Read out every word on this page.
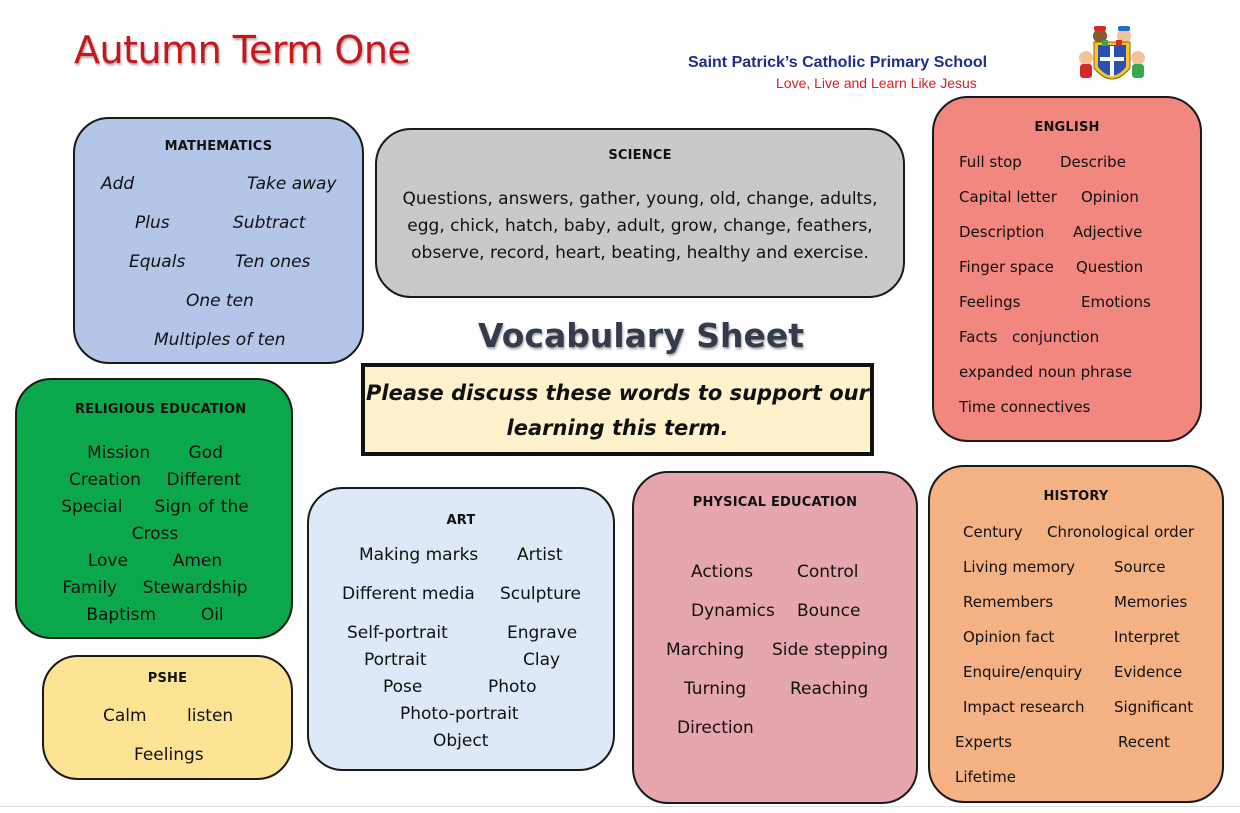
Autumn Term One	Saint Patrick’s Catholic Primary School
Love, Live and Learn Like Jesus
MATHEMATICS
Add	Take away
Plus	Subtract
Equals	Ten ones
One ten
Multiples of ten
SCIENCE
Questions, answers, gather, young, old, change, adults,
egg, chick, hatch, baby, adult, grow, change, feathers,
observe, record, heart, beating, healthy and exercise.
ENGLISH
Full stop	Describe
Capital letter Opinion
Description Adjective
Finger space Question
Feelings	Emotions
Facts conjunction
expanded noun phrase
Time connectives
RELIGIOUS EDUCATION
Mission      God
Creation    Different
Special     Sign of the
Cross
Love       Amen
Family    Stewardship
Baptism       Oil
PSHE
Calm listen
Feelings
Vocabulary Sheet
Please discuss these words to support our
learning this term.
ART
Making marks Artist
Different media Sculpture
Self-portrait	Engrave
Portrait	Clay
Pose	Photo
Photo-portrait
Object
PHYSICAL EDUCATION
Actions	Control
Dynamics Bounce
Marching Side stepping
Turning	Reaching
Direction
HISTORY
Century Chronological order
Living memory	Source
Remembers	Memories
Opinion fact	Interpret
Enquire/enquiry Evidence
Impact research Significant
Experts	Recent
Lifetime
